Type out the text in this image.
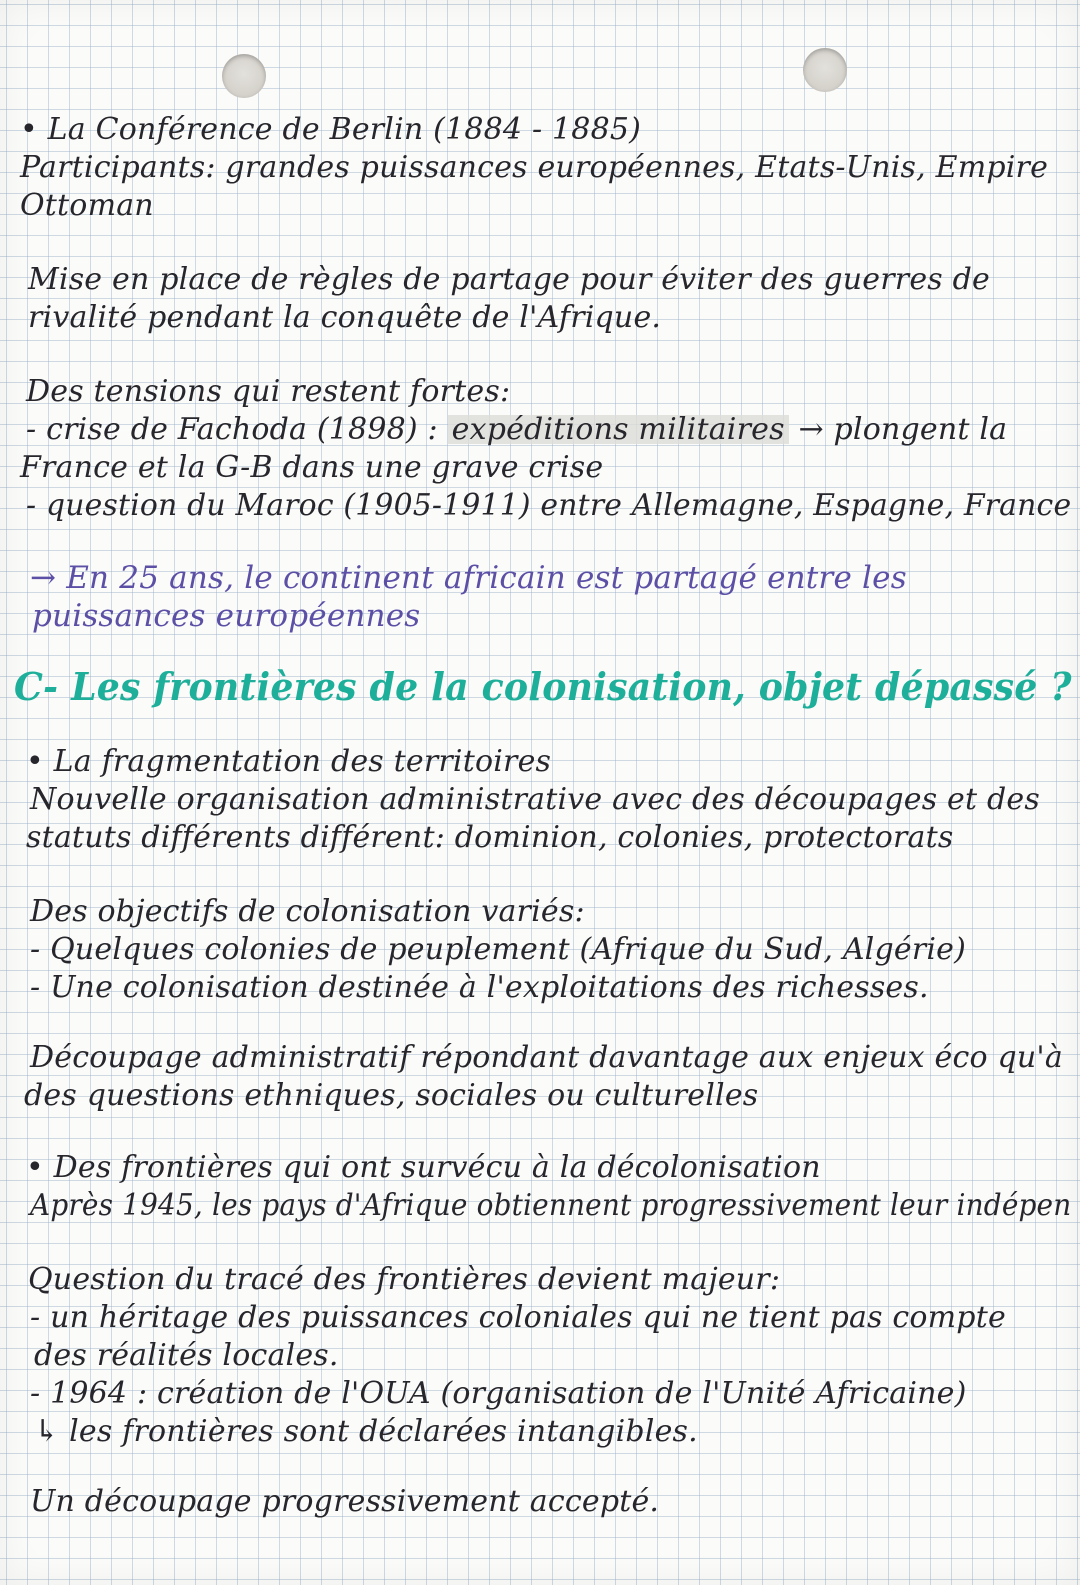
• La Conférence de Berlin (1884 - 1885)

Participants: grandes puissances européennes, Etats-Unis, Empire

Ottoman

Mise en place de règles de partage pour éviter des guerres de

rivalité pendant la conquête de l'Afrique.

Des tensions qui restent fortes:

- crise de Fachoda (1898) : expéditions militaires → plongent la

France et la G-B dans une grave crise

- question du Maroc (1905-1911) entre Allemagne, Espagne, France

→ En 25 ans, le continent africain est partagé entre les

puissances européennes

C- Les frontières de la colonisation, objet dépassé ?

• La fragmentation des territoires

Nouvelle organisation administrative avec des découpages et des

statuts différents différent: dominion, colonies, protectorats

Des objectifs de colonisation variés:

- Quelques colonies de peuplement (Afrique du Sud, Algérie)

- Une colonisation destinée à l'exploitations des richesses.

Découpage administratif répondant davantage aux enjeux éco qu'à

des questions ethniques, sociales ou culturelles

• Des frontières qui ont survécu à la décolonisation

Après 1945, les pays d'Afrique obtiennent progressivement leur indépen

Question du tracé des frontières devient majeur:

- un héritage des puissances coloniales qui ne tient pas compte

des réalités locales.

- 1964 : création de l'OUA (organisation de l'Unité Africaine)

↳ les frontières sont déclarées intangibles.

Un découpage progressivement accepté.
